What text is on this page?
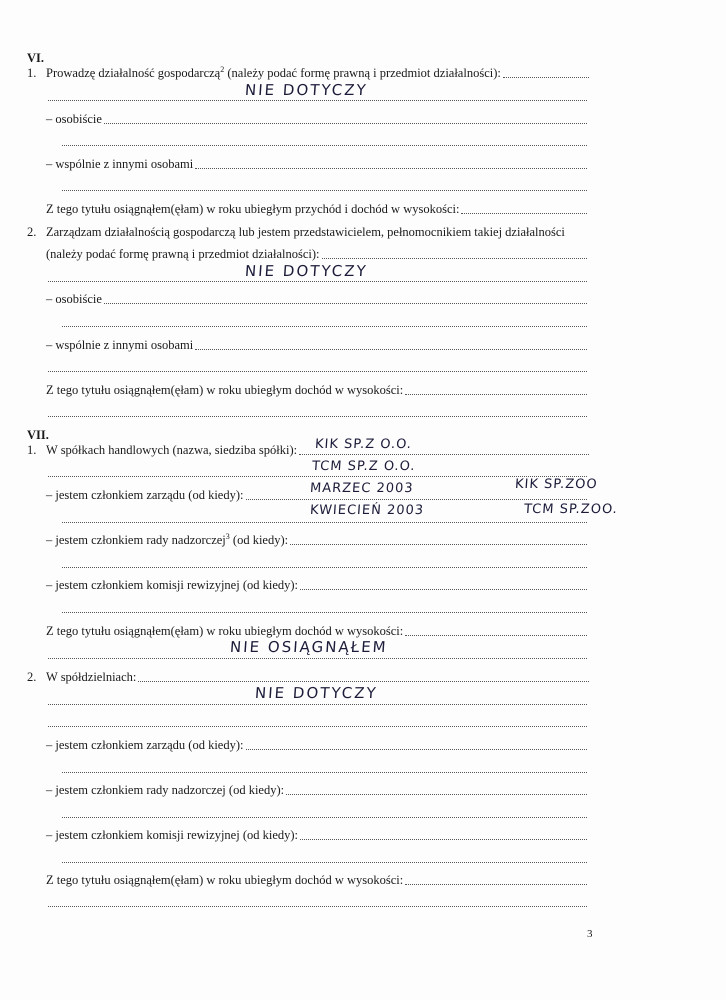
VI.
1. Prowadzę działalność gospodarczą$^2$ (należy podać formę prawną i przedmiot działalności):
NIE DOTYCZY
– osobiście
– wspólnie z innymi osobami
Z tego tytułu osiągnąłem(ęłam) w roku ubiegłym przychód i dochód w wysokości:
2. Zarządzam działalnością gospodarczą lub jestem przedstawicielem, pełnomocnikiem takiej działalności
(należy podać formę prawną i przedmiot działalności):
NIE DOTYCZY
– osobiście
– wspólnie z innymi osobami
Z tego tytułu osiągnąłem(ęłam) w roku ubiegłym dochód w wysokości:
VII.
1. W spółkach handlowych (nazwa, siedziba spółki): KIK SP.Z O.O.
TCM SP.Z O.O.
– jestem członkiem zarządu (od kiedy):	MARZEC 2003	KIK SP.ZOO
KWIECIEŃ 2003	TCM SP.ZOO.
– jestem członkiem rady nadzorczej$^3$ (od kiedy):
– jestem członkiem komisji rewizyjnej (od kiedy):
Z tego tytułu osiągnąłem(ęłam) w roku ubiegłym dochód w wysokości:
NIE OSIĄGNĄŁEM
2. W spółdzielniach:
NIE DOTYCZY
– jestem członkiem zarządu (od kiedy):
– jestem członkiem rady nadzorczej (od kiedy):
– jestem członkiem komisji rewizyjnej (od kiedy):
Z tego tytułu osiągnąłem(ęłam) w roku ubiegłym dochód w wysokości:
3
